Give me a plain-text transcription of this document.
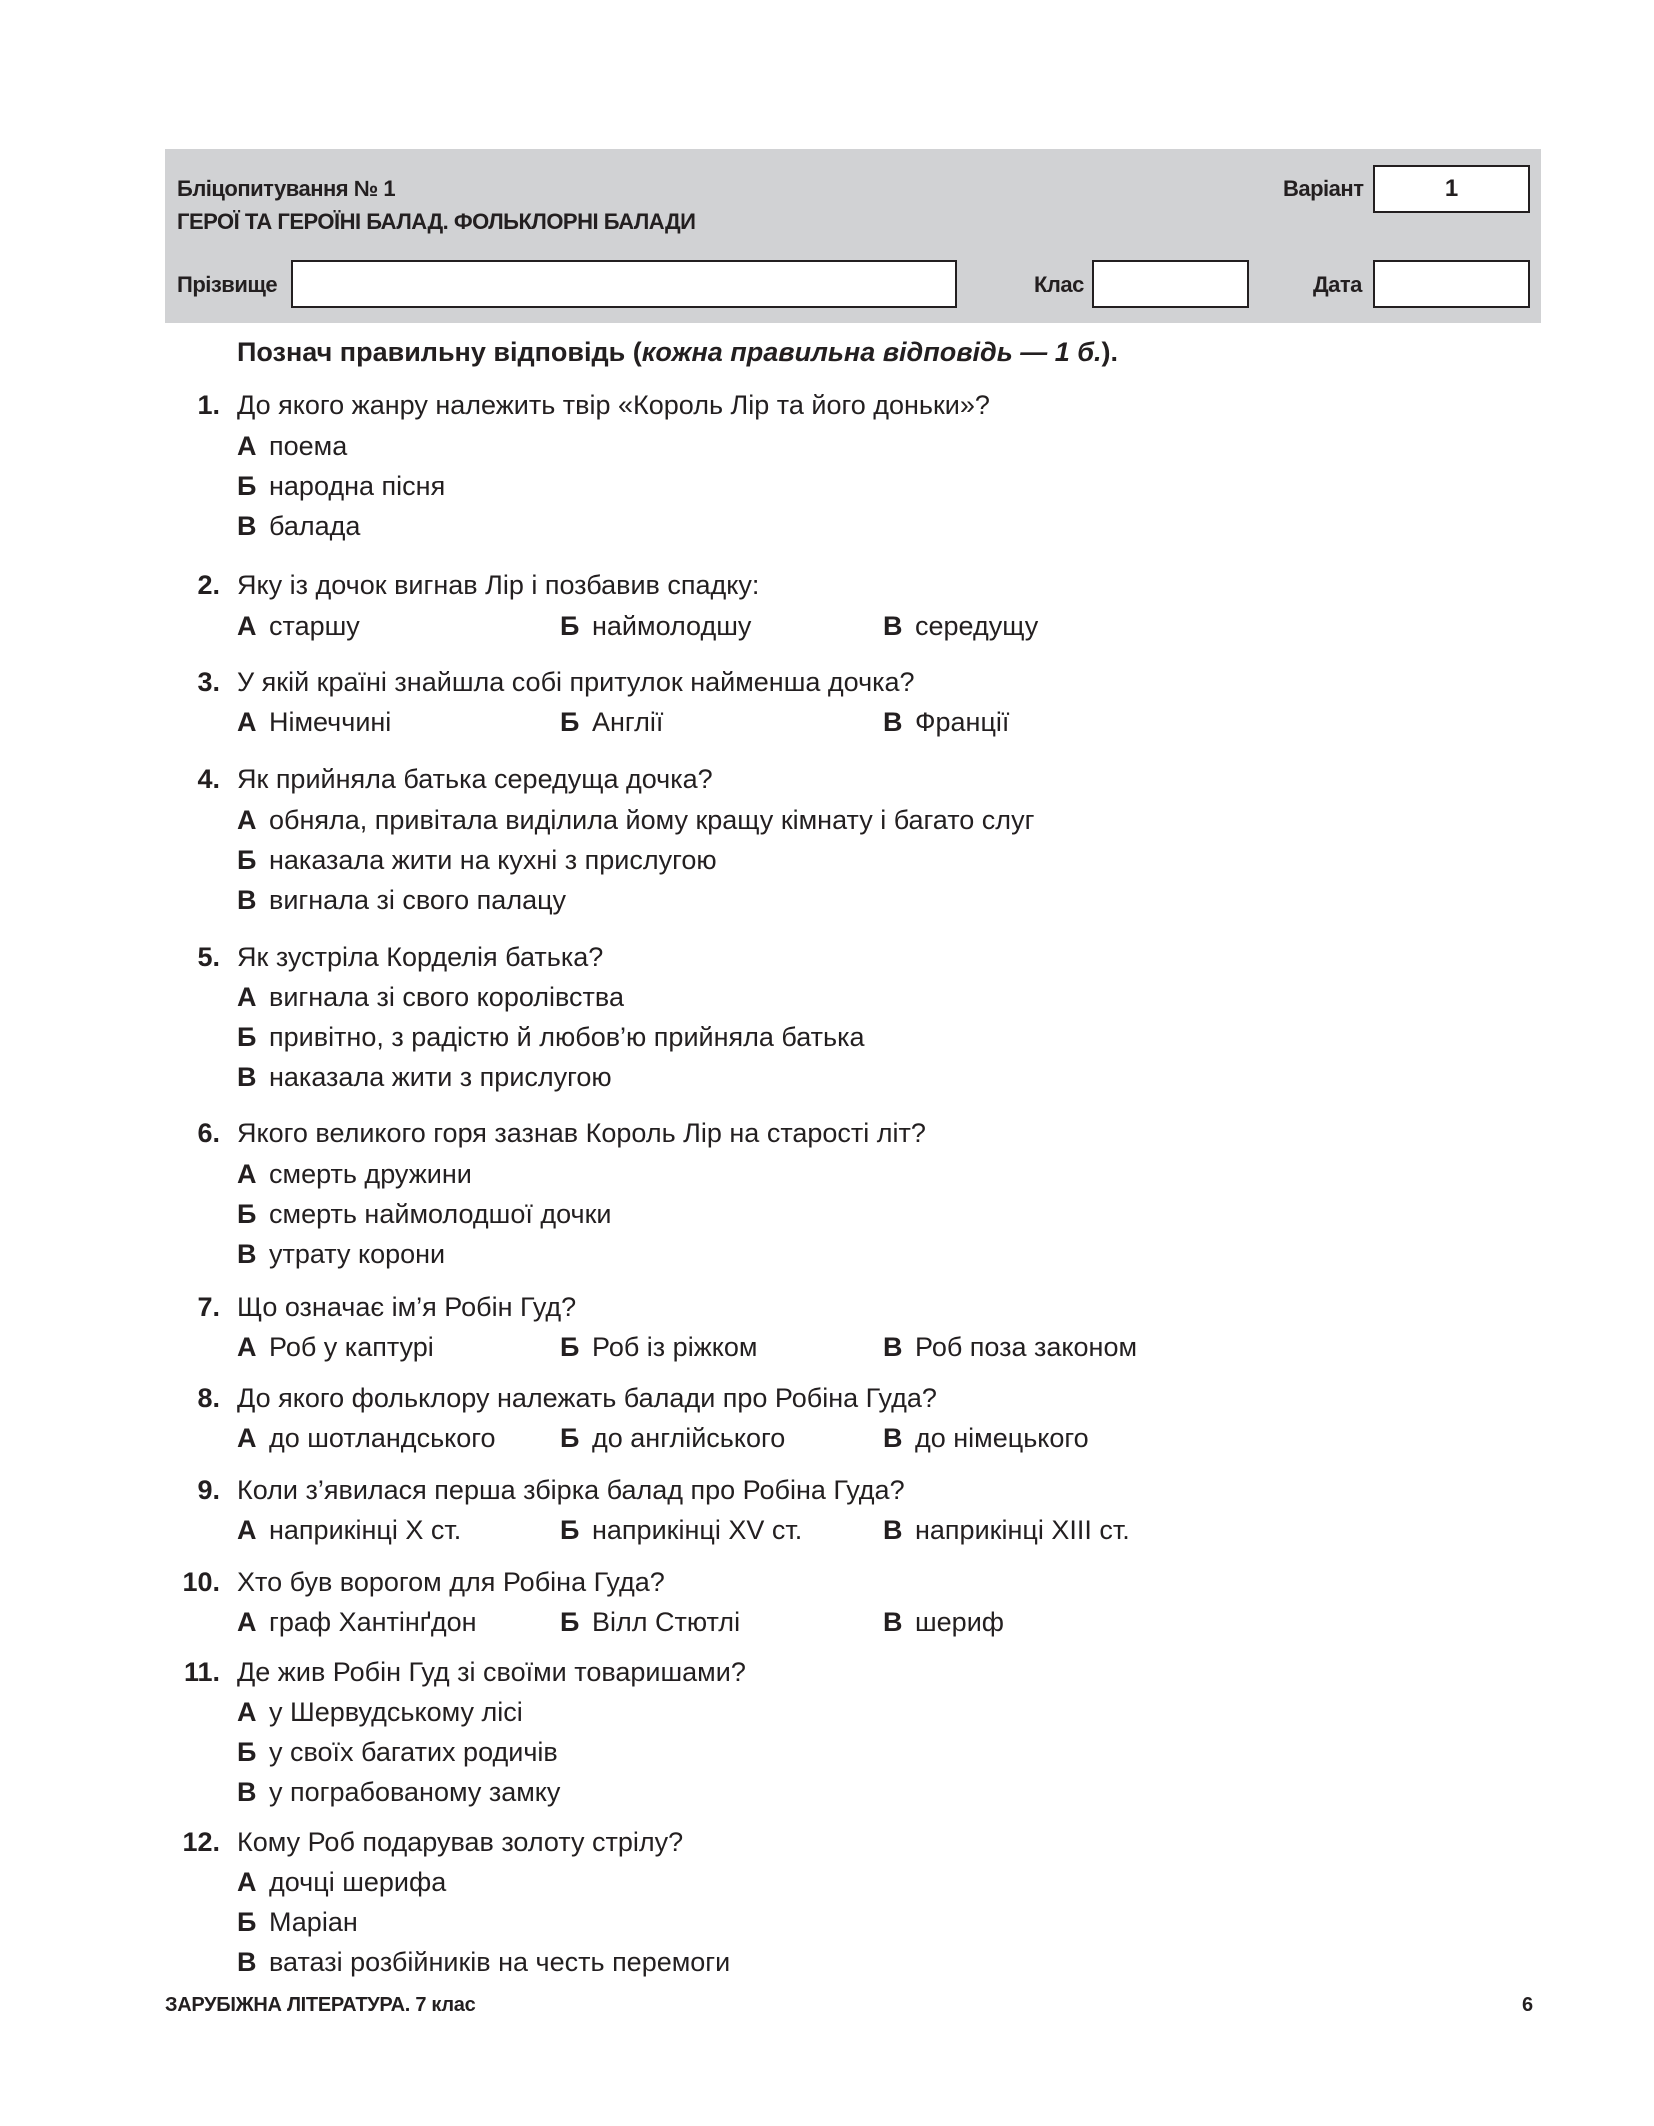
Бліцопитування № 1
ГЕРОЇ ТА ГЕРОЇНІ БАЛАД. ФОЛЬКЛОРНІ БАЛАДИ
Варіант	1
Прізвище	Клас	Дата
Познач правильну відповідь (кожна правильна відповідь — 1 б.).
1. До якого жанру належить твір «Король Лір та його доньки»?
А поема
Б народна пісня
В балада
2. Яку із дочок вигнав Лір і позбавив спадку:
А старшу	Б наймолодшу	В середущу
3. У якій країні знайшла собі притулок найменша дочка?
А Німеччині	Б Англії	В Франції
4. Як прийняла батька середуща дочка?
А обняла, привітала виділила йому кращу кімнату і багато слуг
Б наказала жити на кухні з прислугою
В вигнала зі свого палацу
5. Як зустріла Корделія батька?
А вигнала зі свого королівства
Б привітно, з радістю й любов’ю прийняла батька
В наказала жити з прислугою
6. Якого великого горя зазнав Король Лір на старості літ?
А смерть дружини
Б смерть наймолодшої дочки
В утрату корони
7. Що означає ім’я Робін Гуд?
А Роб у каптурі	Б Роб із ріжком	В Роб поза законом
8. До якого фольклору належать балади про Робіна Гуда?
А до шотландського Б до англійського	В до німецького
9. Коли з’явилася перша збірка балад про Робіна Гуда?
А наприкінці X ст.	Б наприкінці XV ст.	В наприкінці XIII ст.
10. Хто був ворогом для Робіна Гуда?
А граф Хантінґдон	Б Вілл Стютлі	В шериф
11. Де жив Робін Гуд зі своїми товаришами?
А у Шервудському лісі
Б у своїх багатих родичів
В у пограбованому замку
12. Кому Роб подарував золоту стрілу?
А дочці шерифа
Б Маріан
В ватазі розбійників на честь перемоги
ЗАРУБІЖНА ЛІТЕРАТУРА. 7 клас	6
